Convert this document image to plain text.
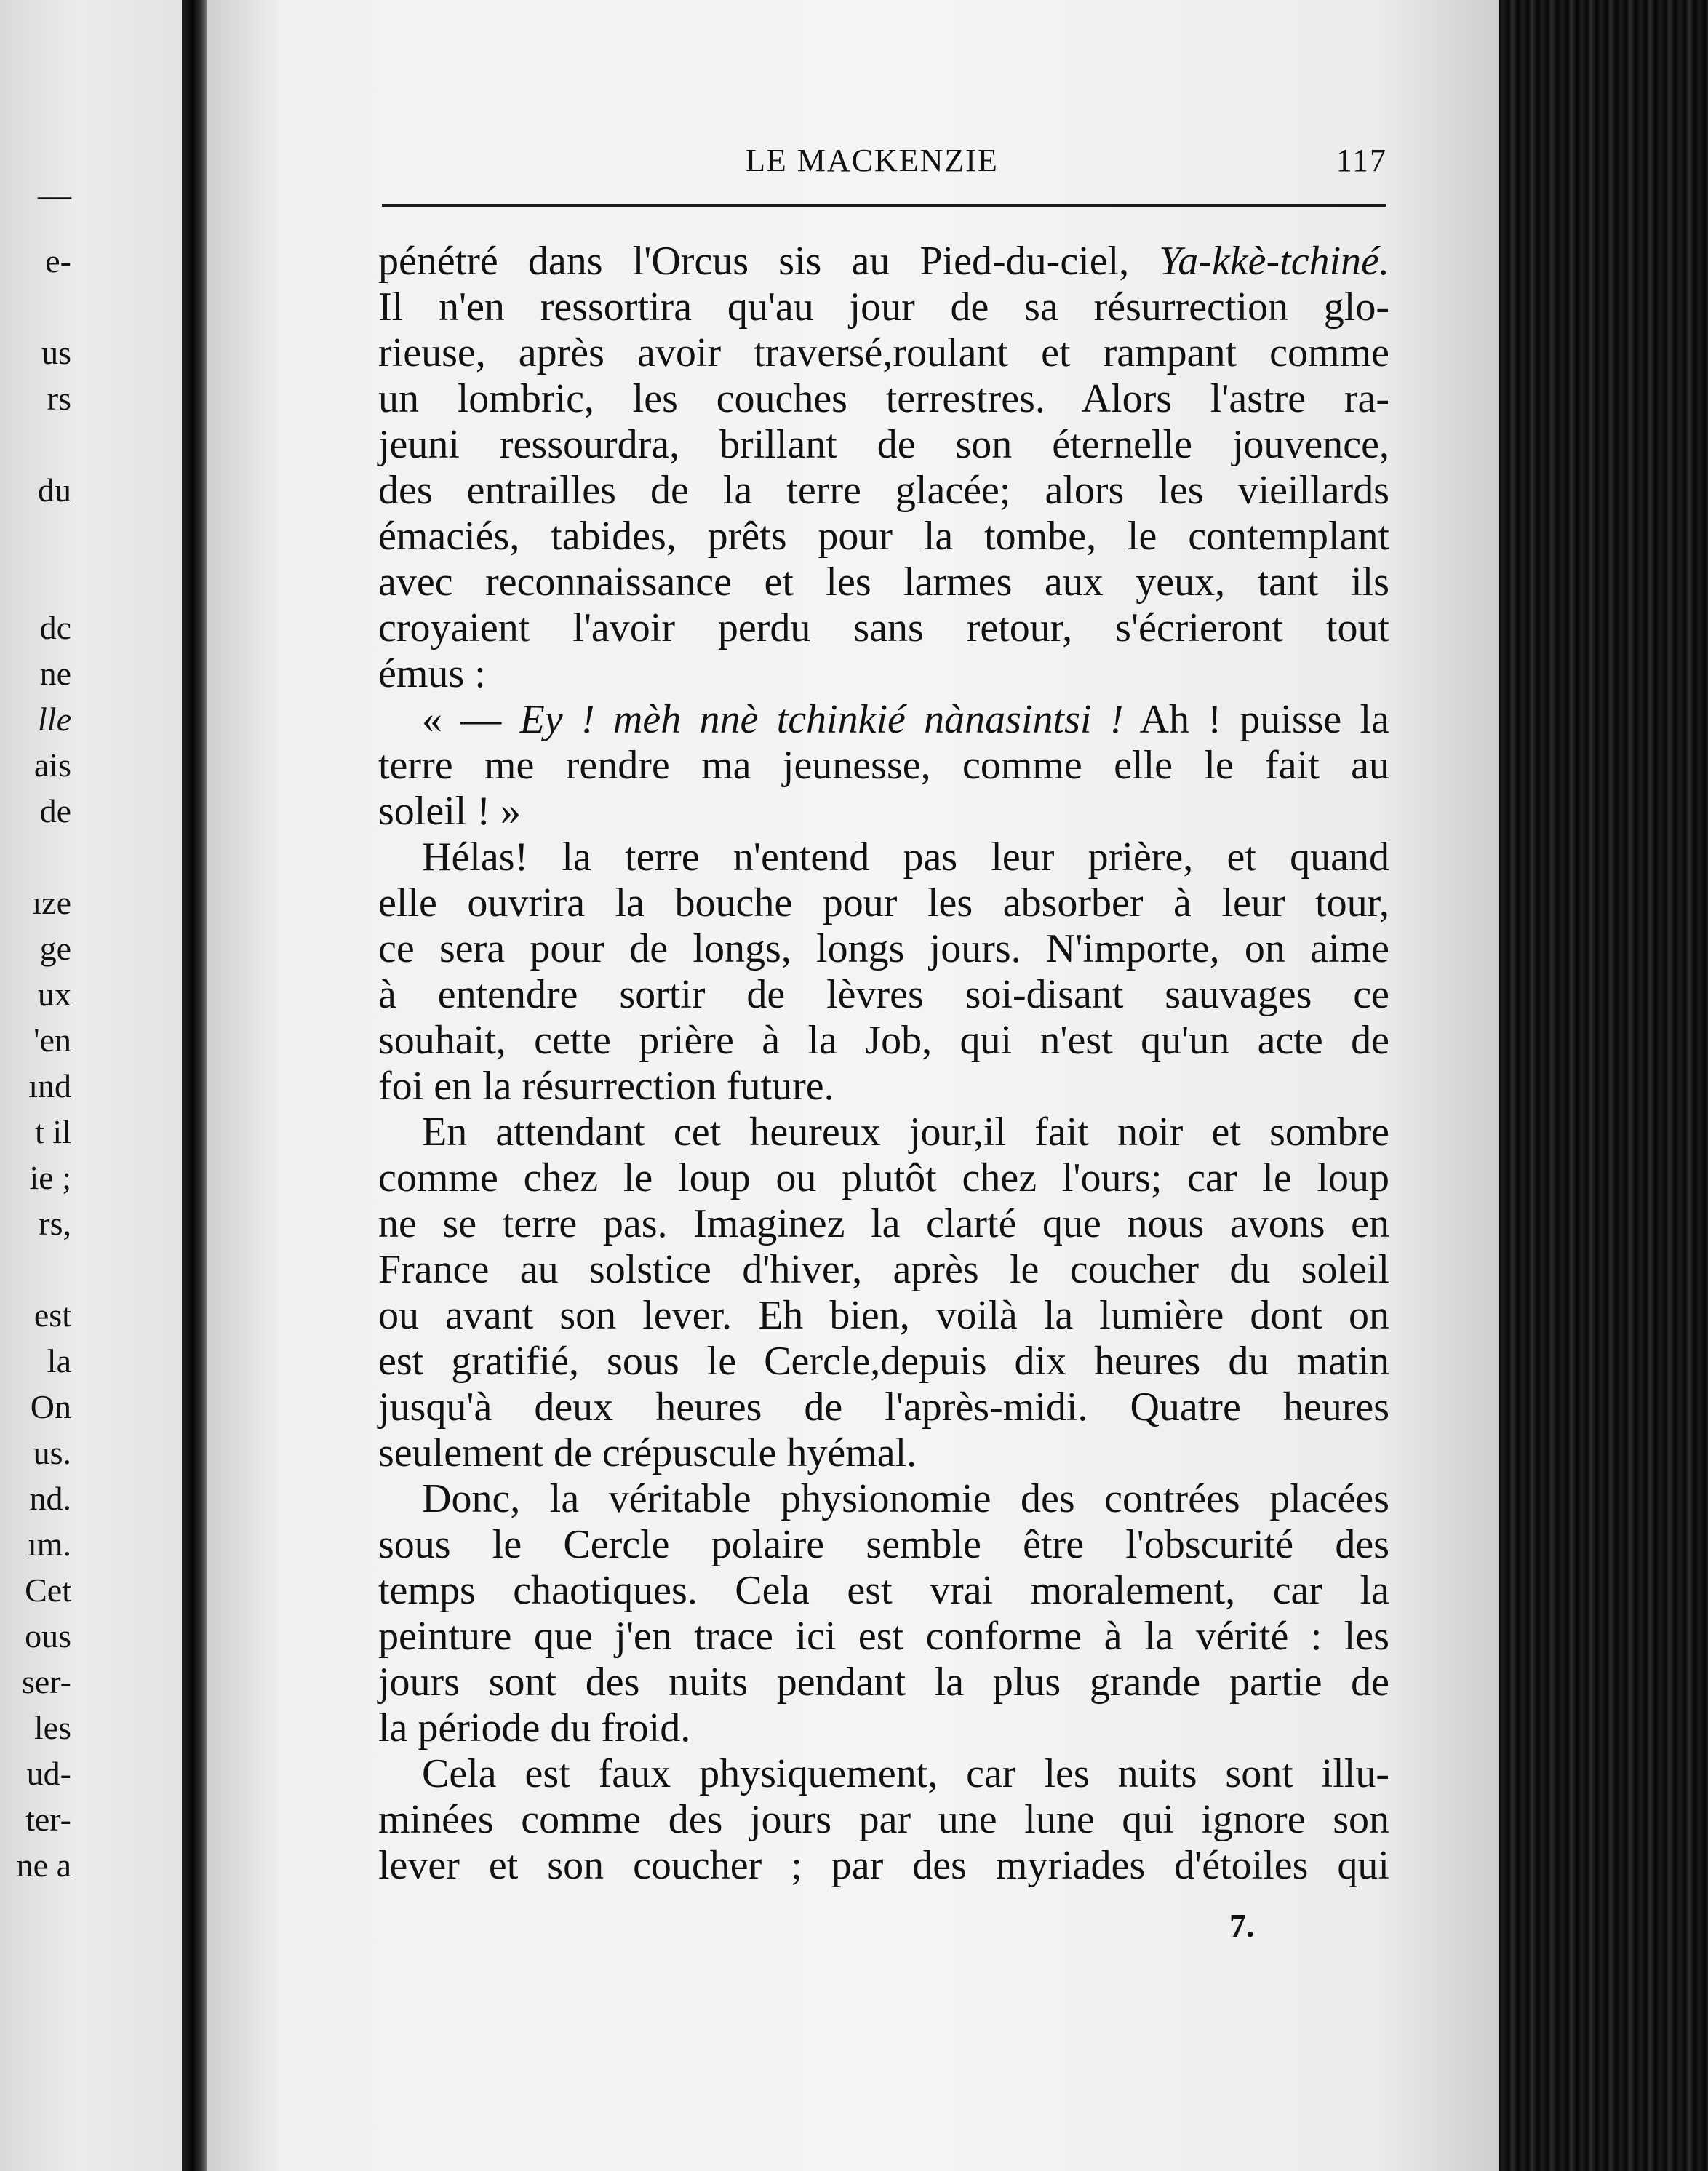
—
e-
us
rs
du
dc
ne
lle
ais
de
ıze
ge
ux
'en
ınd
t il
ie ;
rs,
est
la
On
us.
nd.
ım.
Cet
ous
ser-
les
ud-
ter-
ne a
LE MACKENZIE	117
pénétré dans l'Orcus sis au Pied-du-ciel, Ya-kkè-tchiné.
Il n'en ressortira qu'au jour de sa résurrection glo-
rieuse, après avoir traversé,roulant et rampant comme
un lombric, les couches terrestres. Alors l'astre ra-
jeuni ressourdra, brillant de son éternelle jouvence,
des entrailles de la terre glacée; alors les vieillards
émaciés, tabides, prêts pour la tombe, le contemplant
avec reconnaissance et les larmes aux yeux, tant ils
croyaient l'avoir perdu sans retour, s'écrieront tout
émus :
« — Ey ! mèh nnè tchinkié nànasintsi ! Ah ! puisse la
terre me rendre ma jeunesse, comme elle le fait au
soleil ! »
Hélas! la terre n'entend pas leur prière, et quand
elle ouvrira la bouche pour les absorber à leur tour,
ce sera pour de longs, longs jours. N'importe, on aime
à entendre sortir de lèvres soi-disant sauvages ce
souhait, cette prière à la Job, qui n'est qu'un acte de
foi en la résurrection future.
En attendant cet heureux jour,il fait noir et sombre
comme chez le loup ou plutôt chez l'ours; car le loup
ne se terre pas. Imaginez la clarté que nous avons en
France au solstice d'hiver, après le coucher du soleil
ou avant son lever. Eh bien, voilà la lumière dont on
est gratifié, sous le Cercle,depuis dix heures du matin
jusqu'à deux heures de l'après-midi. Quatre heures
seulement de crépuscule hyémal.
Donc, la véritable physionomie des contrées placées
sous le Cercle polaire semble être l'obscurité des
temps chaotiques. Cela est vrai moralement, car la
peinture que j'en trace ici est conforme à la vérité : les
jours sont des nuits pendant la plus grande partie de
la période du froid.
Cela est faux physiquement, car les nuits sont illu-
minées comme des jours par une lune qui ignore son
lever et son coucher ; par des myriades d'étoiles qui
7.
